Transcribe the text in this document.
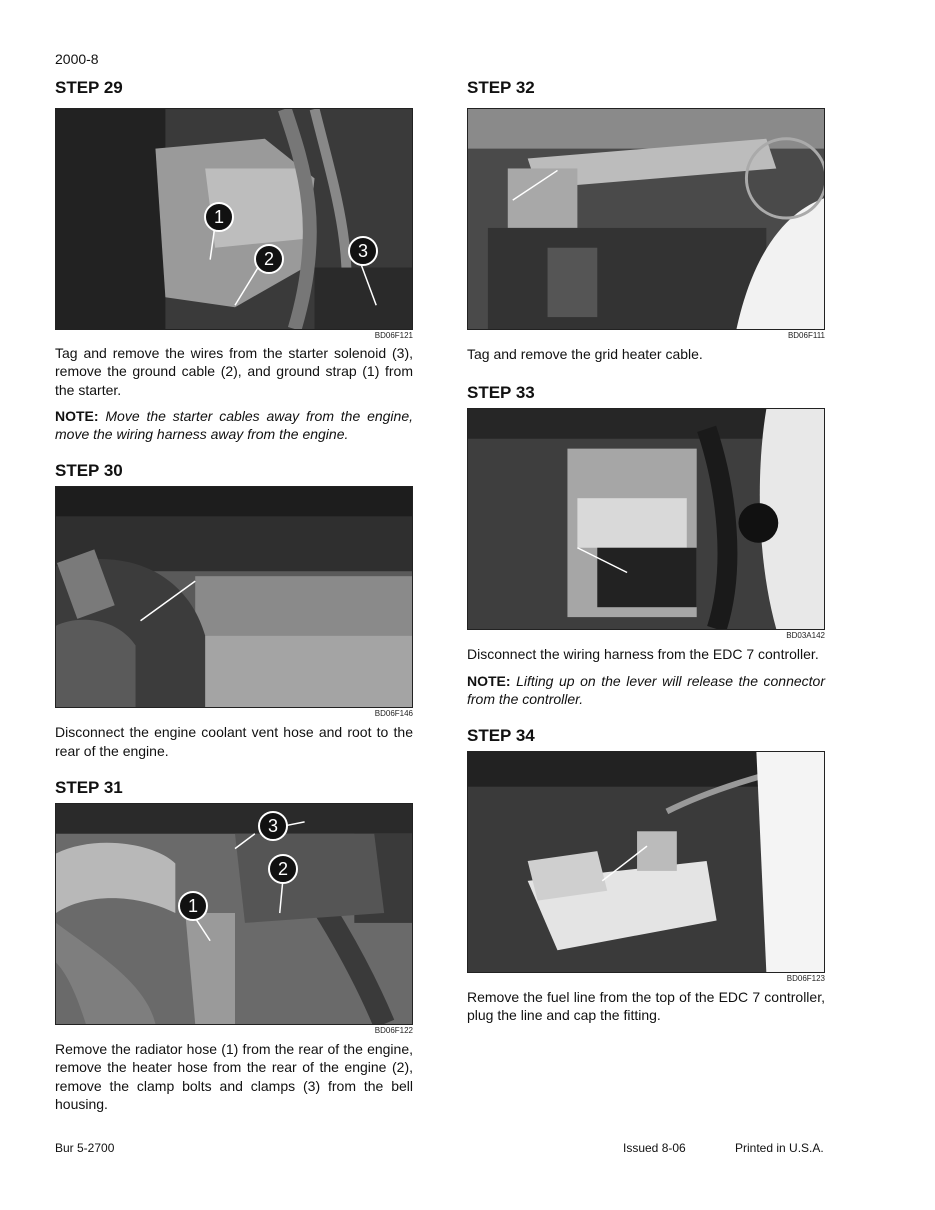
2000-8
STEP 29
1
2	3
BD06F121

Tag and remove the wires from the starter solenoid (3), remove the ground cable (2), and ground strap (1) from the starter.

NOTE: Move the starter cables away from the engine, move the wiring harness away from the engine.

STEP 30
BD06F146

Disconnect the engine coolant vent hose and root to the rear of the engine.

STEP 31
3
2
1
BD06F122

Remove the radiator hose (1) from the rear of the engine, remove the heater hose from the rear of the engine (2), remove the clamp bolts and clamps (3) from the bell housing.

STEP 32
BD06F111

Tag and remove the grid heater cable.

STEP 33
BD03A142

Disconnect the wiring harness from the EDC 7 controller.

NOTE: Lifting up on the lever will release the connector from the controller.

STEP 34
BD06F123

Remove the fuel line from the top of the EDC 7 controller, plug the line and cap the fitting.

Bur 5-2700	Issued 8-06	Printed in U.S.A.
